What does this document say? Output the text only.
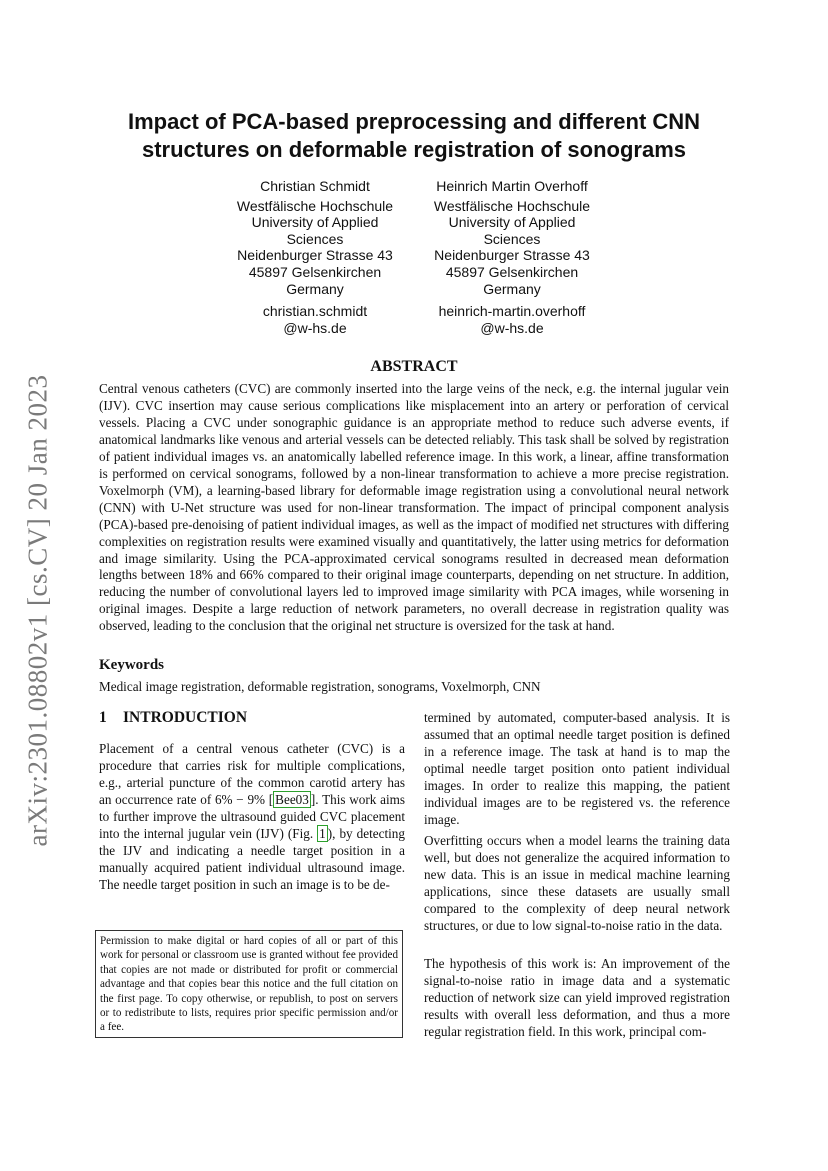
arXiv:2301.08802v1 [cs.CV] 20 Jan 2023
Impact of PCA-based preprocessing and different CNN structures on deformable registration of sonograms
Christian Schmidt
Westfälische Hochschule
University of Applied
Sciences
Neidenburger Strasse 43
45897 Gelsenkirchen
Germany
christian.schmidt
@w-hs.de
Heinrich Martin Overhoff
Westfälische Hochschule
University of Applied
Sciences
Neidenburger Strasse 43
45897 Gelsenkirchen
Germany
heinrich-martin.overhoff
@w-hs.de
ABSTRACT

Central venous catheters (CVC) are commonly inserted into the large veins of the neck, e.g. the internal jugular vein (IJV). CVC insertion may cause serious complications like misplacement into an artery or perforation of cervical vessels. Placing a CVC under sonographic guidance is an appropriate method to reduce such adverse events, if anatomical landmarks like venous and arterial vessels can be detected reliably. This task shall be solved by registration of patient individual images vs. an anatomically labelled reference image. In this work, a linear, affine transformation is performed on cervical sonograms, followed by a non-linear transformation to achieve a more precise registration. Voxelmorph (VM), a learning-based library for deformable image registration using a convolutional neural network (CNN) with U-Net structure was used for non-linear transformation. The impact of principal component analysis (PCA)-based pre-denoising of patient individual images, as well as the impact of modified net structures with differing complexities on registration results were examined visually and quantitatively, the latter using metrics for deformation and image similarity. Using the PCA-approximated cervical sonograms resulted in decreased mean deformation lengths between 18% and 66% compared to their original image counterparts, depending on net structure. In addition, reducing the number of convolutional layers led to improved image similarity with PCA images, while worsening in original images. Despite a large reduction of network parameters, no overall decrease in registration quality was observed, leading to the conclusion that the original net structure is oversized for the task at hand.

Keywords
Medical image registration, deformable registration, sonograms, Voxelmorph, CNN
1 INTRODUCTION

Placement of a central venous catheter (CVC) is a procedure that carries risk for multiple complications, e.g., arterial puncture of the common carotid artery has an occurrence rate of 6% − 9% [ Bee03 ]. This work aims to further improve the ultrasound guided CVC placement into the internal jugular vein (IJV) (Fig. 1 ), by detecting the IJV and indicating a needle target position in a manually acquired patient individual ultrasound image. The needle target position in such an image is to be de-

Permission to make digital or hard copies of all or part of this work for personal or classroom use is granted without fee provided that copies are not made or distributed for profit or commercial advantage and that copies bear this notice and the full citation on the first page. To copy otherwise, or republish, to post on servers or to redistribute to lists, requires prior specific permission and/or a fee.

termined by automated, computer-based analysis. It is assumed that an optimal needle target position is defined in a reference image. The task at hand is to map the optimal needle target position onto patient individual images. In order to realize this mapping, the patient individual images are to be registered vs. the reference image.

Overfitting occurs when a model learns the training data well, but does not generalize the acquired information to new data. This is an issue in medical machine learning applications, since these datasets are usually small compared to the complexity of deep neural network structures, or due to low signal-to-noise ratio in the data.

The hypothesis of this work is: An improvement of the signal-to-noise ratio in image data and a systematic reduction of network size can yield improved registration results with overall less deformation, and thus a more regular registration field. In this work, principal com-
